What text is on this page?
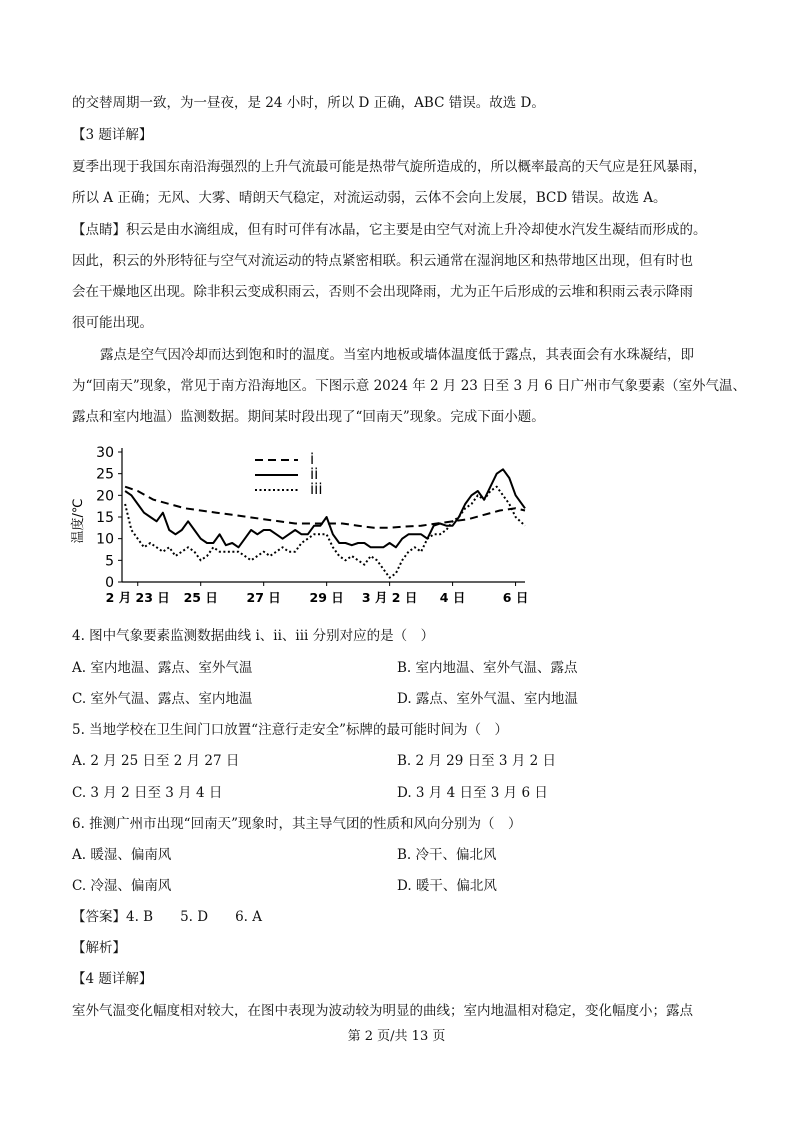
的交替周期一致，为一昼夜，是 24 小时，所以 D 正确，ABC 错误。故选 D。
【3 题详解】
夏季出现于我国东南沿海强烈的上升气流最可能是热带气旋所造成的，所以概率最高的天气应是狂风暴雨，
所以 A 正确；无风、大雾、晴朗天气稳定，对流运动弱，云体不会向上发展，BCD 错误。故选 A。
【点睛】积云是由水滴组成，但有时可伴有冰晶，它主要是由空气对流上升冷却使水汽发生凝结而形成的。
因此，积云的外形特征与空气对流运动的特点紧密相联。积云通常在湿润地区和热带地区出现，但有时也
会在干燥地区出现。除非积云变成积雨云，否则不会出现降雨，尤为正午后形成的云堆和积雨云表示降雨
很可能出现。
露点是空气因冷却而达到饱和时的温度。当室内地板或墙体温度低于露点，其表面会有水珠凝结，即
为“回南天”现象，常见于南方沿海地区。下图示意 2024 年 2 月 23 日至 3 月 6 日广州市气象要素（室外气温、
露点和室内地温）监测数据。期间某时段出现了“回南天”现象。完成下面小题。
0
5
10
15
20
25
30
温度/℃
2 月 23 日 25 日 27 日 29 日 3 月 2 日 4 日	6 日
i
ii
iii
4. 图中气象要素监测数据曲线 i、ii、iii 分别对应的是（　）
A. 室内地温、露点、室外气温	B. 室内地温、室外气温、露点
C. 室外气温、露点、室内地温	D. 露点、室外气温、室内地温
5. 当地学校在卫生间门口放置“注意行走安全”标牌的最可能时间为（　）
A. 2 月 25 日至 2 月 27 日	B. 2 月 29 日至 3 月 2 日
C. 3 月 2 日至 3 月 4 日	D. 3 月 4 日至 3 月 6 日
6. 推测广州市出现“回南天”现象时，其主导气团的性质和风向分别为（　）
A. 暖湿、偏南风	B. 冷干、偏北风
C. 冷湿、偏南风	D. 暖干、偏北风
【答案】4. B　　5. D　　6. A
【解析】
【4 题详解】
室外气温变化幅度相对较大，在图中表现为波动较为明显的曲线；室内地温相对稳定，变化幅度小；露点
第 2 页/共 13 页
